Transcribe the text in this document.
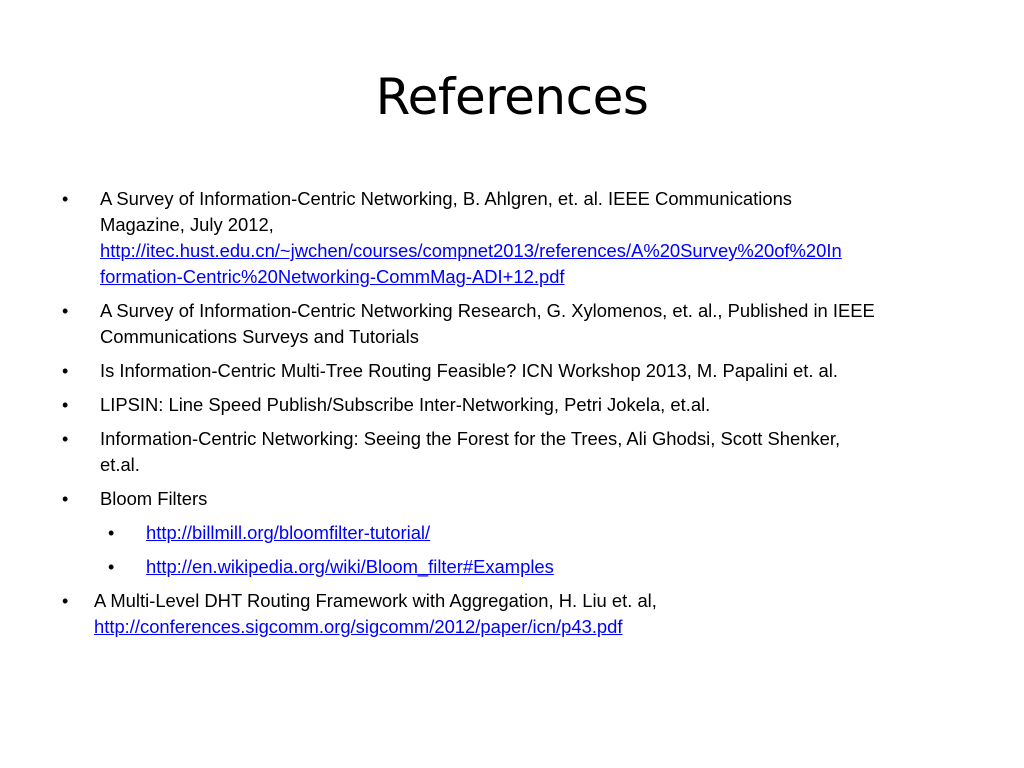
References
• A Survey of Information-Centric Networking, B. Ahlgren, et. al. IEEE Communications
Magazine, July 2012,
http://itec.hust.edu.cn/~jwchen/courses/compnet2013/references/A%20Survey%20of%20In
formation-Centric%20Networking-CommMag-ADI+12.pdf
• A Survey of Information-Centric Networking Research, G. Xylomenos, et. al., Published in IEEE
Communications Surveys and Tutorials
• Is Information-Centric Multi-Tree Routing Feasible? ICN Workshop 2013, M. Papalini et. al.
• LIPSIN: Line Speed Publish/Subscribe Inter-Networking, Petri Jokela, et.al.
• Information-Centric Networking: Seeing the Forest for the Trees, Ali Ghodsi, Scott Shenker,
et.al.
• Bloom Filters
• http://billmill.org/bloomfilter-tutorial/
• http://en.wikipedia.org/wiki/Bloom_filter#Examples
• A Multi-Level DHT Routing Framework with Aggregation, H. Liu et. al,
http://conferences.sigcomm.org/sigcomm/2012/paper/icn/p43.pdf
